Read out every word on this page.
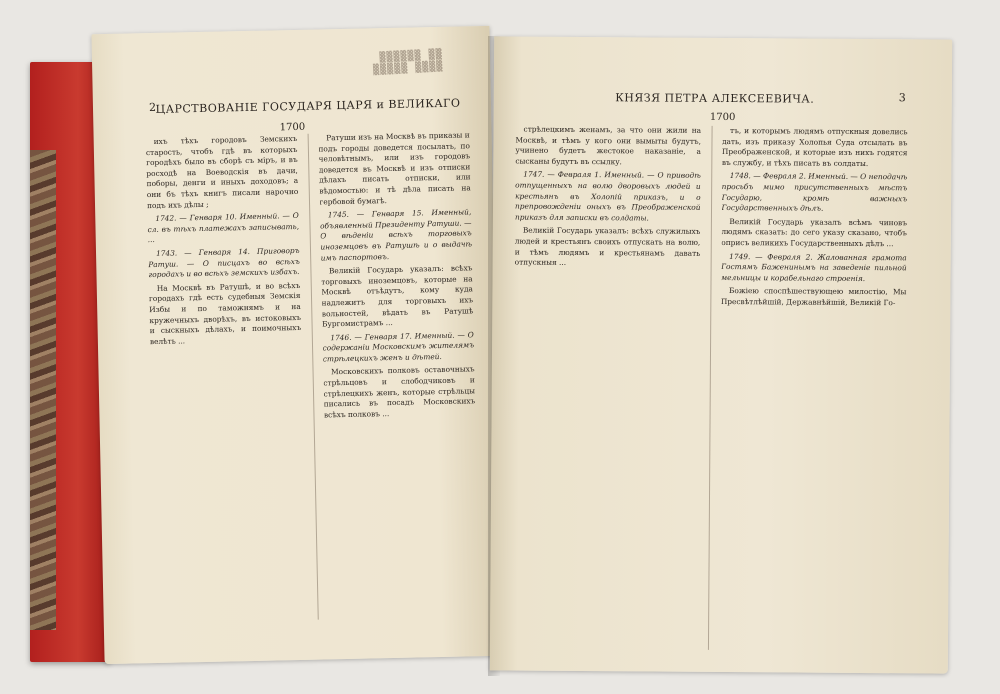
▓▓ ▓▓▓▓▓▓
▓▓▓▓ ▓▓▓▓▓
2 ЦАРСТВОВАНІЕ ГОСУДАРЯ ЦАРЯ и ВЕЛИКАГО
1700

ихъ тѣхъ городовъ Земскихъ старость, чтобъ гдѣ въ которыхъ городѣхъ было въ сборѣ съ міръ, и въ росходѣ на Воеводскія въ дачи, поборы, денги и иныхъ доходовъ; а они бъ тѣхъ книгъ писали нарочно подъ ихъ дѣлы ;

1742. — Генваря 10. Именный. — О сл. въ тѣхъ платежахъ записывать, ...

1743. — Генваря 14. Приговоръ Ратуш. — О писцахъ во всѣхъ городахъ и во всѣхъ земскихъ избахъ.

На Москвѣ въ Ратушѣ, и во всѣхъ городахъ гдѣ есть судебныя Земскія Избы и по таможнямъ и на кружечныхъ дворѣхъ, въ истоковыхъ и сыскныхъ дѣлахъ, и поимочныхъ велѣть ...

Ратуши изъ на Москвѣ въ приказы и подъ городы доведется посылать, по человѣтнымъ, или изъ городовъ доведется въ Москвѣ и изъ отписки дѣлахъ писать отписки, или вѣдомостью: и тѣ дѣла писать на гербовой бумагѣ.

1745. — Генваря 15. Именный, объявленный Президенту Ратуши. — О вѣденіи всѣхъ торговыхъ иноземцовъ въ Ратушѣ и о выдачѣ имъ паспортовъ.

Великій Государь указалъ: всѣхъ торговыхъ иноземцовъ, которые на Москвѣ отъѣдутъ, кому куда надлежитъ для торговыхъ ихъ вольностей, вѣдать въ Ратушѣ Бургомистрамъ ...

1746. — Генваря 17. Именный. — О содержаніи Московскимъ жителямъ стрѣлецкихъ женъ и дѣтей.

Московскихъ полковъ оставочныхъ стрѣльцовъ и слободчиковъ и стрѣлецкихъ женъ, которые стрѣльцы писались въ посадъ Московскихъ всѣхъ полковъ ...

КНЯЗЯ ПЕТРА АЛЕКСЕЕВИЧА.	3
1700

стрѣлецкимъ женамъ, за что они жили на Москвѣ, и тѣмъ у кого они вымыты будутъ, учинено будетъ жестокое наказаніе, а сысканы будутъ въ ссылку.

1747. — Февраля 1. Именный. — О приводѣ отпущенныхъ на волю дворовыхъ людей и крестьянъ въ Холопій приказъ, и о препровожденіи оныхъ въ Преображенской приказъ для записки въ солдаты.

Великій Государь указалъ: всѣхъ служилыхъ людей и крестьянъ своихъ отпускать на волю, и тѣмъ людямъ и крестьянамъ давать отпускныя ...

тъ, и которымъ людямъ отпускныя довелись дать, изъ приказу Холопья Суда отсылать въ Преображенской, и которые изъ нихъ годятся въ службу, и тѣхъ писать въ солдаты.

1748. — Февраля 2. Именный. — О неподачѣ просьбъ мимо присутственныхъ мѣстъ Государю, кромѣ важныхъ Государственныхъ дѣлъ.

Великій Государь указалъ всѣмъ чиновъ людямъ сказать: до сего указу сказано, чтобъ оприсъ великихъ Государственныхъ дѣлъ ...

1749. — Февраля 2. Жалованная грамота Гостямъ Баженинымъ на заведеніе пильной мельницы и корабельнаго строенія.

Божіею споспѣшествующею милостію, Мы Пресвѣтлѣйшій, Державнѣйшій, Великій Го-
